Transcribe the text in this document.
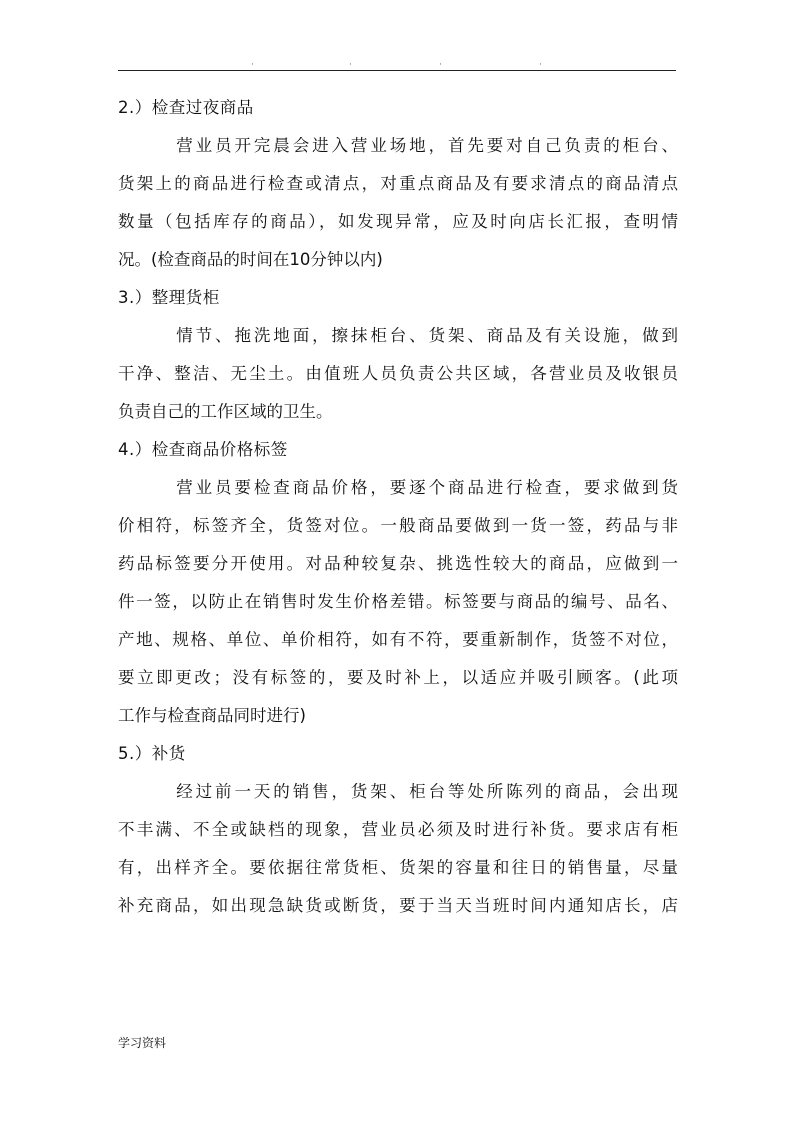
·	·	·	·
2.）检查过夜商品
　　　营业员开完晨会进入营业场地，首先要对自己负责的柜台、
货架上的商品进行检查或清点，对重点商品及有要求清点的商品清点
数量（包括库存的商品），如发现异常，应及时向店长汇报，查明情
况。(检查商品的时间在10分钟以内)
3.）整理货柜
　　　情节、拖洗地面，擦抹柜台、货架、商品及有关设施，做到
干净、整洁、无尘土。由值班人员负责公共区域，各营业员及收银员
负责自己的工作区域的卫生。
4.）检查商品价格标签
　　　营业员要检查商品价格，要逐个商品进行检查，要求做到货
价相符，标签齐全，货签对位。一般商品要做到一货一签，药品与非
药品标签要分开使用。对品种较复杂、挑选性较大的商品，应做到一
件一签，以防止在销售时发生价格差错。标签要与商品的编号、品名、
产地、规格、单位、单价相符，如有不符，要重新制作，货签不对位，
要立即更改；没有标签的，要及时补上，以适应并吸引顾客。(此项
工作与检查商品同时进行)
5.）补货
　　　经过前一天的销售，货架、柜台等处所陈列的商品，会出现
不丰满、不全或缺档的现象，营业员必须及时进行补货。要求店有柜
有，出样齐全。要依据往常货柜、货架的容量和往日的销售量，尽量
补充商品，如出现急缺货或断货，要于当天当班时间内通知店长，店
学习资料
